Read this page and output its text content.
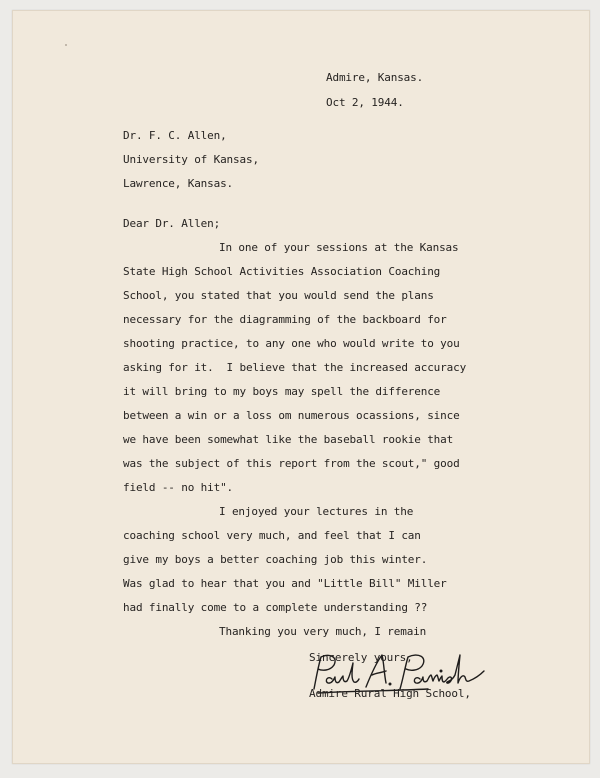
Admire, Kansas.
Oct 2, 1944.
Dr. F. C. Allen,
University of Kansas,
Lawrence, Kansas.
Dear Dr. Allen;
In one of your sessions at the Kansas
State High School Activities Association Coaching
School, you stated that you would send the plans
necessary for the diagramming of the backboard for
shooting practice, to any one who would write to you
asking for it.  I believe that the increased accuracy
it will bring to my boys may spell the difference
between a win or a loss om numerous ocassions, since
we have been somewhat like the baseball rookie that
was the subject of this report from the scout," good
field -- no hit".
I enjoyed your lectures in the
coaching school very much, and feel that I can
give my boys a better coaching job this winter.
Was glad to hear that you and "Little Bill" Miller
had finally come to a complete understanding ??
Thanking you very much, I remain
Sincerely yours,
Admire Rural High School,
